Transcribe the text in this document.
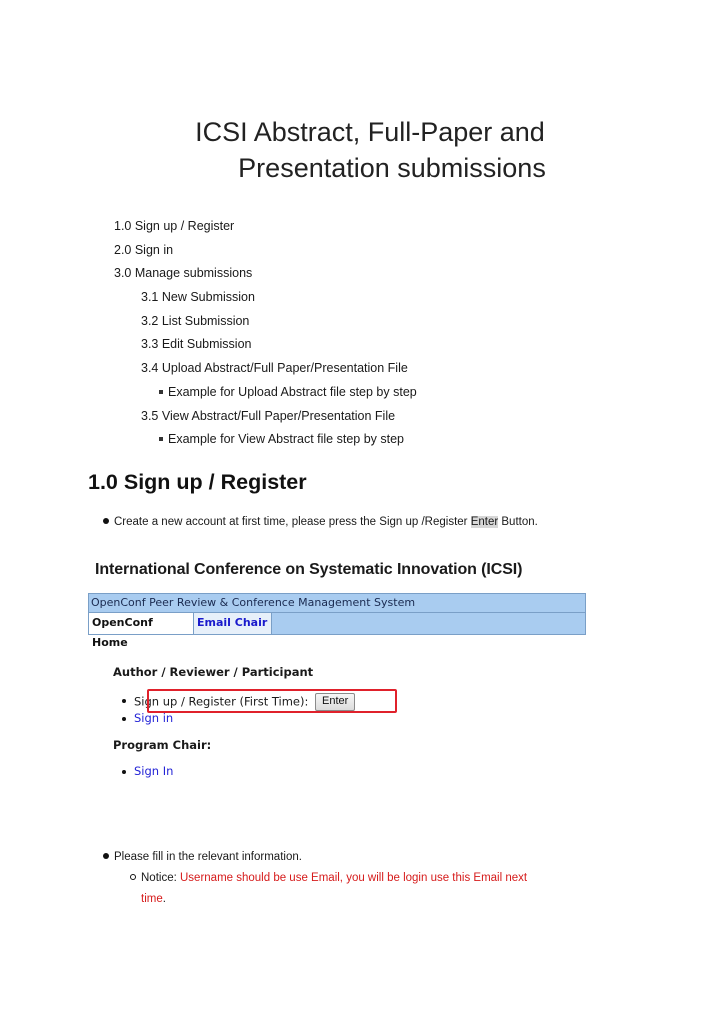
ICSI Abstract, Full-Paper and
Presentation submissions
1.0 Sign up / Register
2.0 Sign in
3.0 Manage submissions
3.1 New Submission
3.2 List Submission
3.3 Edit Submission
3.4 Upload Abstract/Full Paper/Presentation File
Example for Upload Abstract file step by step
3.5 View Abstract/Full Paper/Presentation File
Example for View Abstract file step by step
1.0 Sign up / Register
Create a new account at first time, please press the Sign up /Register Enter Button.
International Conference on Systematic Innovation (ICSI)
OpenConf Peer Review & Conference Management System
OpenConf Home
Email Chair
Author / Reviewer / Participant
Sign up / Register (First Time): Enter
Sign in
Program Chair:
Sign In
Please fill in the relevant information.
Notice: Username should be use Email, you will be login use this Email next
time.
